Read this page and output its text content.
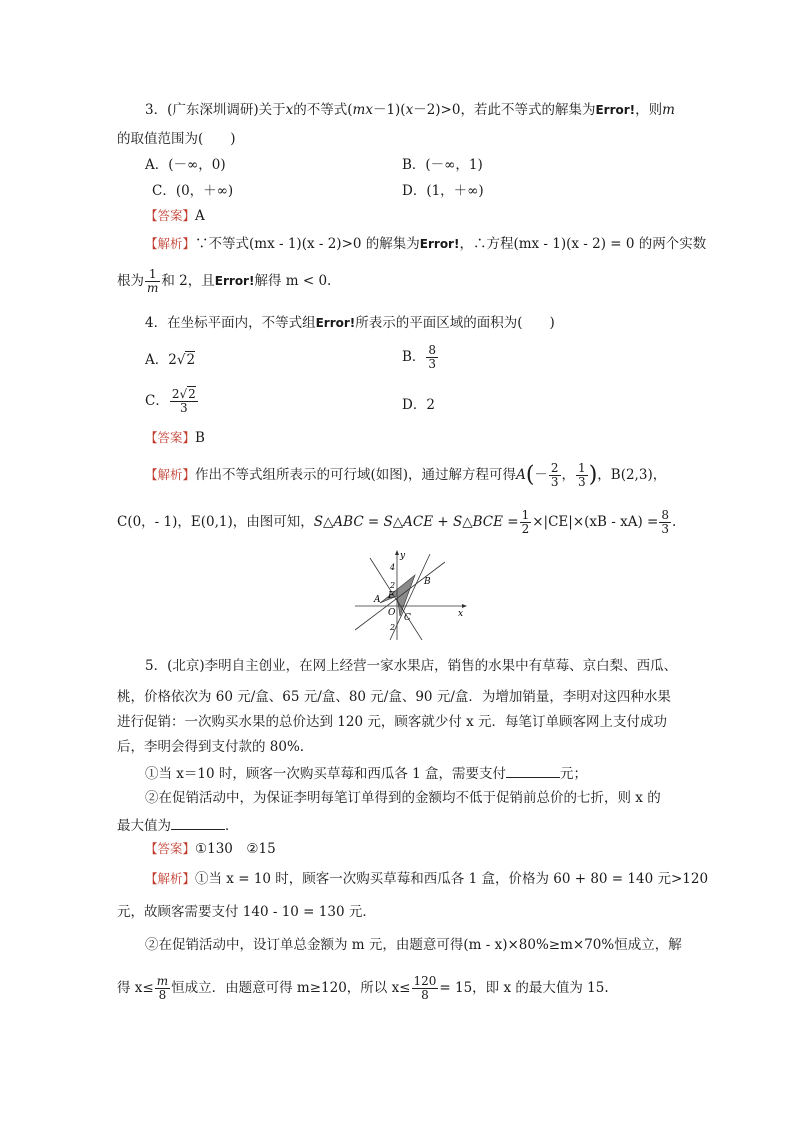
3．(广东深圳调研)关于x的不等式(mx－1)(x－2)>0，若此不等式的解集为Error!，则m
的取值范围为(　　)
A．(－∞，0)	B．(－∞，1)
C．(0，＋∞)	D．(1，＋∞)
【答案】A
【解析】∵不等式(mx - 1)(x - 2)>0 的解集为Error!，∴方程(mx - 1)(x - 2) = 0 的两个实数
根为 $\frac{1}{m}$ 和 2，且Error!解得 m < 0.
4．在坐标平面内，不等式组Error!所表示的平面区域的面积为(　　)
A．2√2	B． $\frac{8}{3}$
C． $\frac{2√2}{3}$	D．2
【答案】B
【解析】作出不等式组所表示的可行域(如图)，通过解方程可得$A(- \frac{2}{3}$ ， $\frac{1}{3}$ )，B(2,3)，
C(0，- 1)，E(0,1)，由图可知，S△ABC = S△ACE + S△BCE = $\frac{1}{2} \times|CE|\times(xB - xA) = \frac{8}{3}$ .
y
x
B
A E
O C
4
2
2
5．(北京)李明自主创业，在网上经营一家水果店，销售的水果中有草莓、京白梨、西瓜、
桃，价格依次为 60 元/盒、65 元/盒、80 元/盒、90 元/盒．为增加销量，李明对这四种水果
进行促销：一次购买水果的总价达到 120 元，顾客就少付 x 元．每笔订单顾客网上支付成功
后，李明会得到支付款的 80%.
①当 x＝10 时，顾客一次购买草莓和西瓜各 1 盒，需要支付	元；
②在促销活动中，为保证李明每笔订单得到的金额均不低于促销前总价的七折，则 x 的
最大值为	．
【答案】①130　②15
【解析】①当 x = 10 时，顾客一次购买草莓和西瓜各 1 盒，价格为 60 + 80 = 140 元>120
元，故顾客需要支付 140 - 10 = 130 元．
②在促销活动中，设订单总金额为 m 元，由题意可得(m - x)×80%≥m×70%恒成立，解
得 $x\le \frac{m}{8}$ 恒成立．由题意可得 m≥120，所以 $x\le \frac{120}{8} = 15$，即 x 的最大值为 15.
